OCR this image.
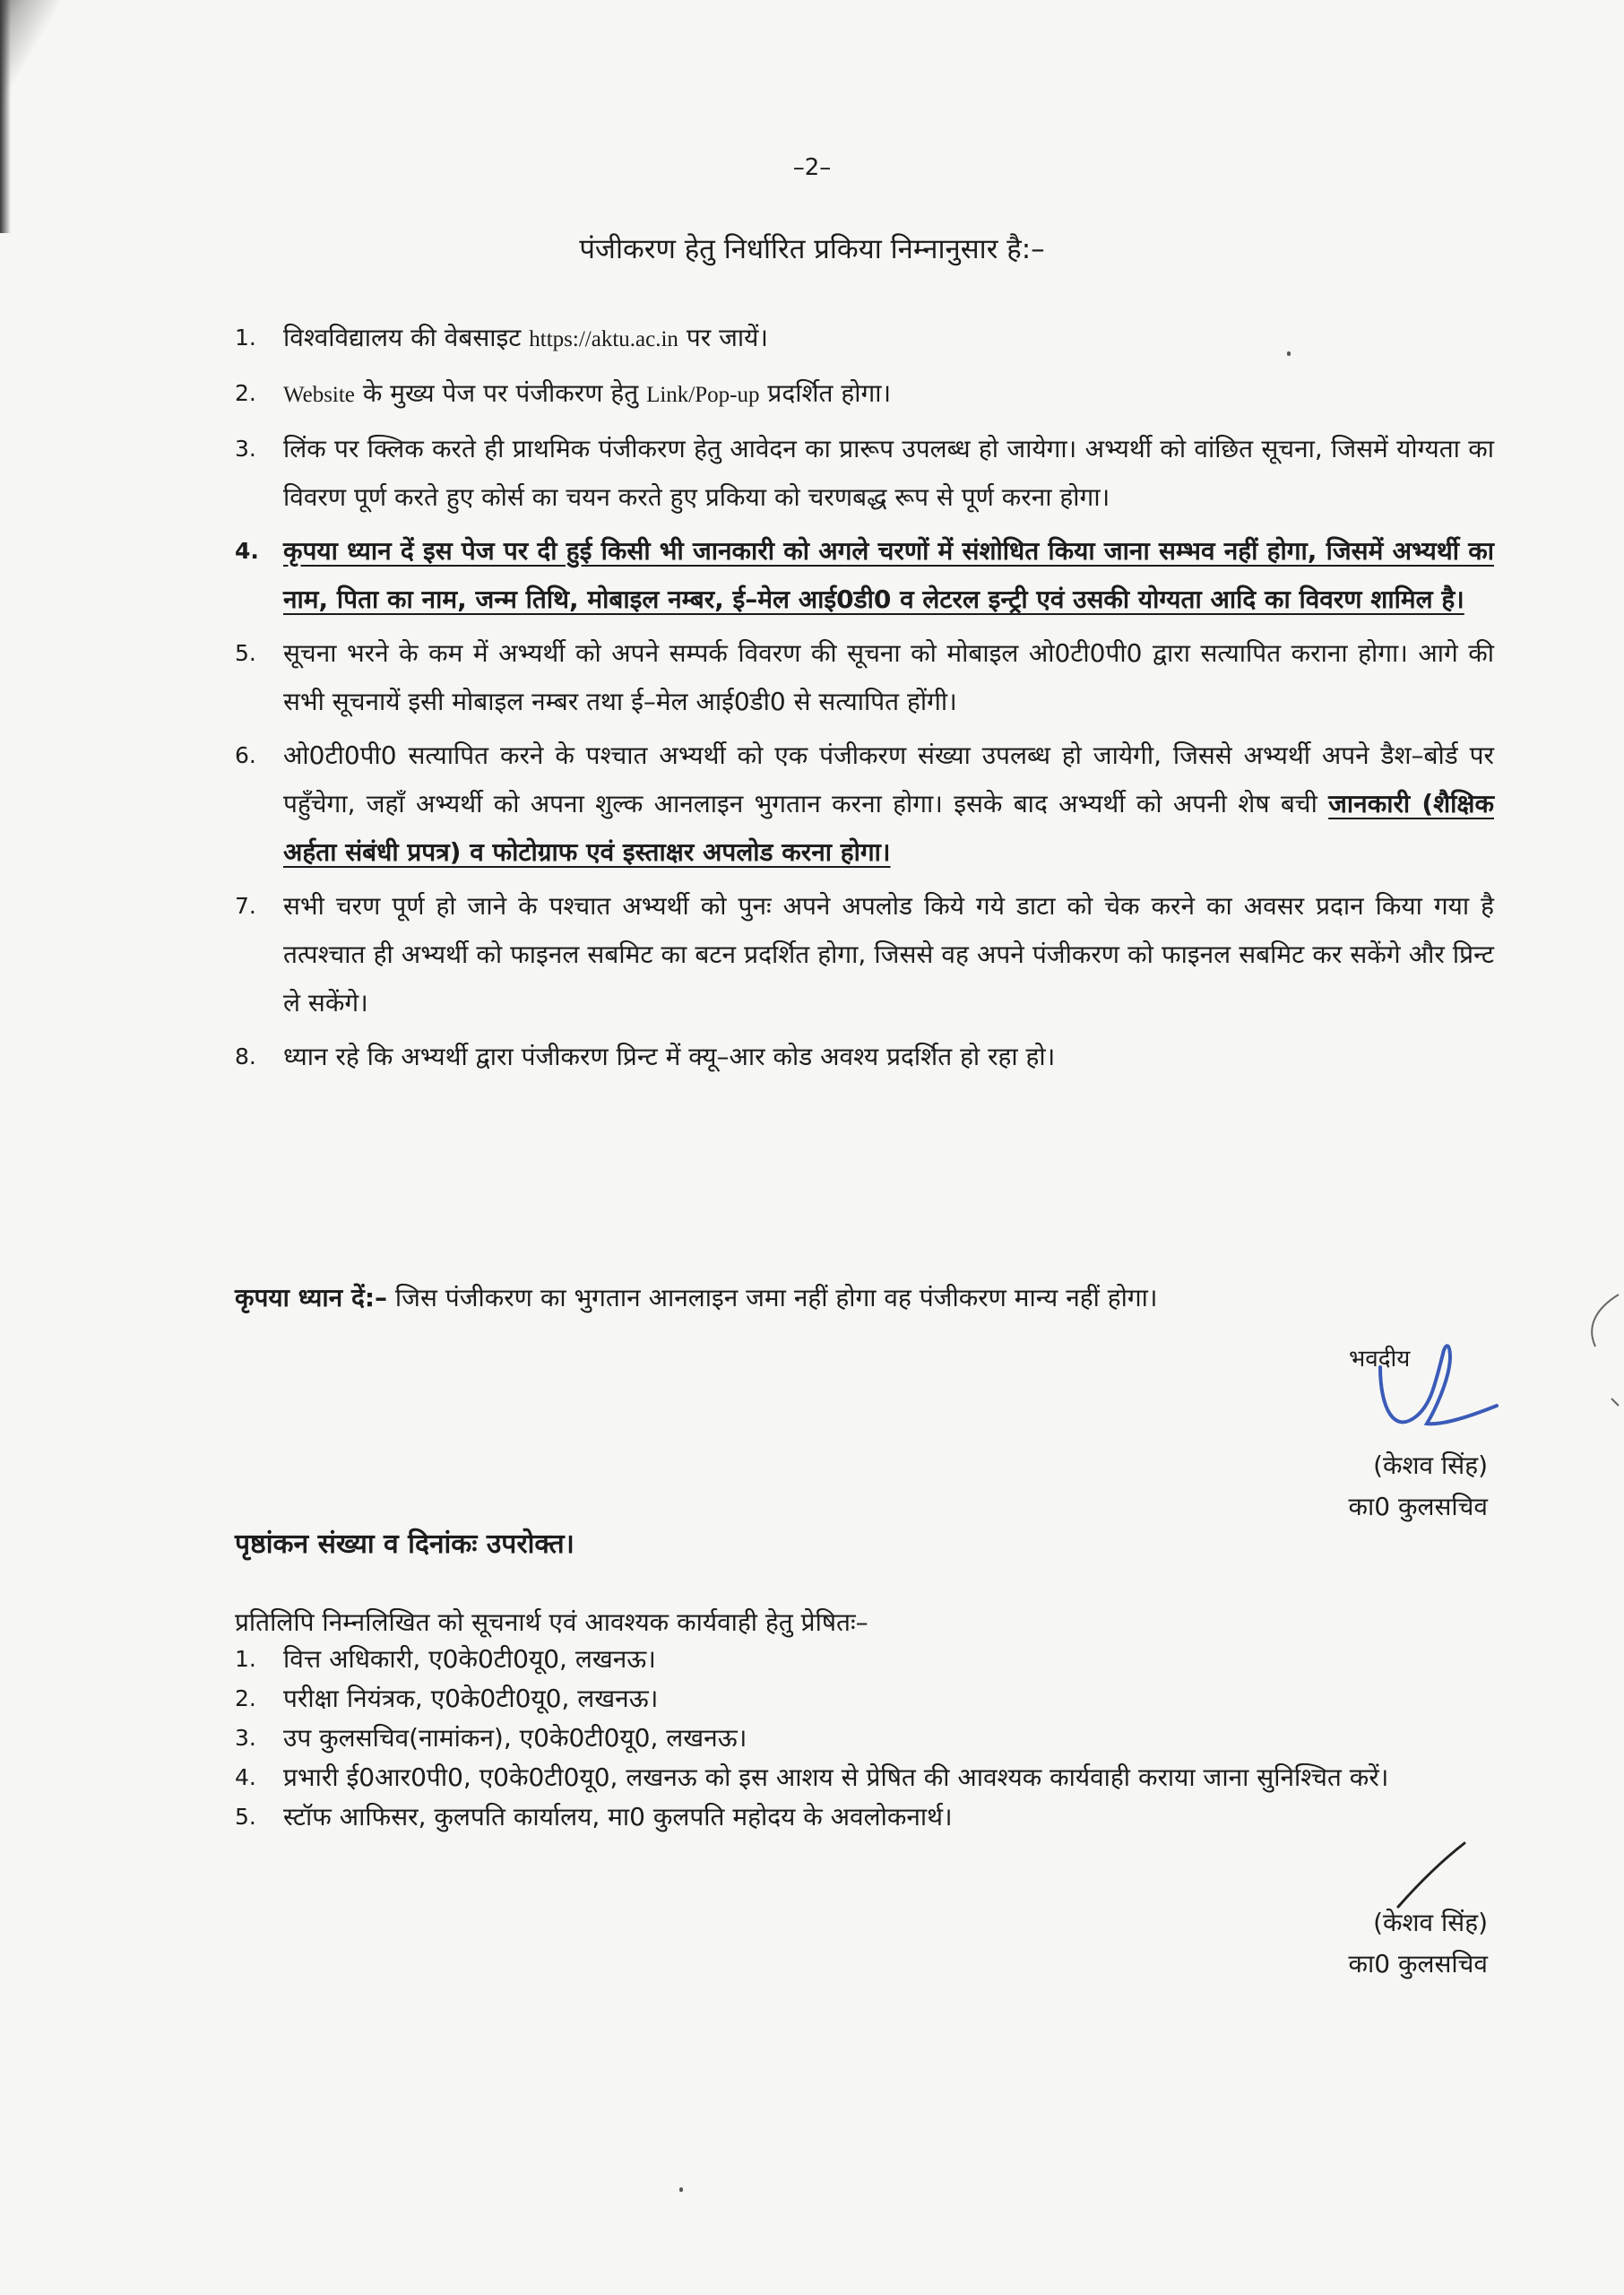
–2–
पंजीकरण हेतु निर्धारित प्रकिया निम्नानुसार है:–
1. विश्वविद्यालय की वेबसाइट https://aktu.ac.in पर जायें।
2. Website के मुख्य पेज पर पंजीकरण हेतु Link/Pop-up प्रदर्शित होगा।
3. लिंक पर क्लिक करते ही प्राथमिक पंजीकरण हेतु आवेदन का प्रारूप उपलब्ध हो जायेगा। अभ्यर्थी को वांछित सूचना, जिसमें योग्यता का विवरण पूर्ण करते हुए कोर्स का चयन करते हुए प्रकिया को चरणबद्ध रूप से पूर्ण करना होगा।
4. कृपया ध्यान दें इस पेज पर दी हुई किसी भी जानकारी को अगले चरणों में संशोधित किया जाना सम्भव नहीं होगा, जिसमें अभ्यर्थी का नाम, पिता का नाम, जन्म तिथि, मोबाइल नम्बर, ई–मेल आई0डी0 व लेटरल इन्ट्री एवं उसकी योग्यता आदि का विवरण शामिल है।
5. सूचना भरने के कम में अभ्यर्थी को अपने सम्पर्क विवरण की सूचना को मोबाइल ओ0टी0पी0 द्वारा सत्यापित कराना होगा। आगे की सभी सूचनायें इसी मोबाइल नम्बर तथा ई–मेल आई0डी0 से सत्यापित होंगी।
6. ओ0टी0पी0 सत्यापित करने के पश्चात अभ्यर्थी को एक पंजीकरण संख्या उपलब्ध हो जायेगी, जिससे अभ्यर्थी अपने डैश–बोर्ड पर पहुँचेगा, जहाँ अभ्यर्थी को अपना शुल्क आनलाइन भुगतान करना होगा। इसके बाद अभ्यर्थी को अपनी शेष बची जानकारी (शैक्षिक अर्हता संबंधी प्रपत्र) व फोटोग्राफ एवं इस्ताक्षर अपलोड करना होगा।
7. सभी चरण पूर्ण हो जाने के पश्चात अभ्यर्थी को पुनः अपने अपलोड किये गये डाटा को चेक करने का अवसर प्रदान किया गया है तत्पश्चात ही अभ्यर्थी को फाइनल सबमिट का बटन प्रदर्शित होगा, जिससे वह अपने पंजीकरण को फाइनल सबमिट कर सकेंगे और प्रिन्ट ले सकेंगे।
8. ध्यान रहे कि अभ्यर्थी द्वारा पंजीकरण प्रिन्ट में क्यू–आर कोड अवश्य प्रदर्शित हो रहा हो।
कृपया ध्यान दें:– जिस पंजीकरण का भुगतान आनलाइन जमा नहीं होगा वह पंजीकरण मान्य नहीं होगा।
भवदीय
(केशव सिंह)
का0 कुलसचिव
पृष्ठांकन संख्या व दिनांकः उपरोक्त।
प्रतिलिपि निम्नलिखित को सूचनार्थ एवं आवश्यक कार्यवाही हेतु प्रेषितः–
1. वित्त अधिकारी, ए0के0टी0यू0, लखनऊ।
2. परीक्षा नियंत्रक, ए0के0टी0यू0, लखनऊ।
3. उप कुलसचिव(नामांकन), ए0के0टी0यू0, लखनऊ।
4. प्रभारी ई0आर0पी0, ए0के0टी0यू0, लखनऊ को इस आशय से प्रेषित की आवश्यक कार्यवाही कराया जाना सुनिश्चित करें।
5. स्टॉफ आफिसर, कुलपति कार्यालय, मा0 कुलपति महोदय के अवलोकनार्थ।
(केशव सिंह)
का0 कुलसचिव
